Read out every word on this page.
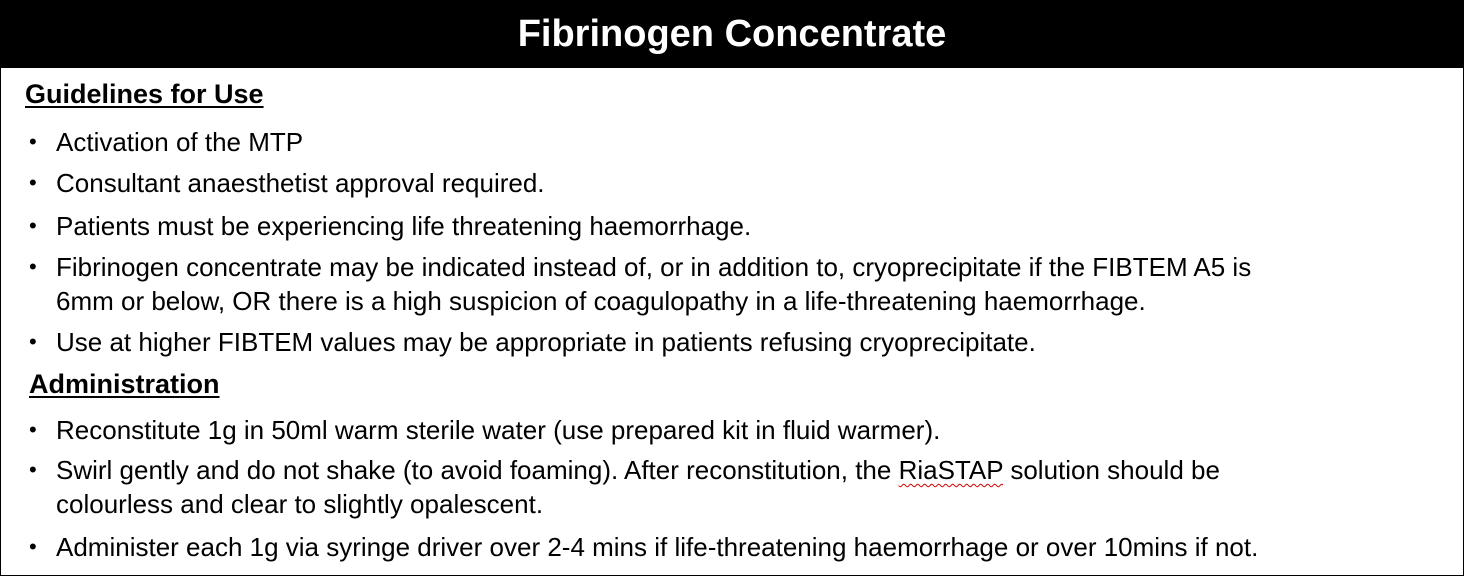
Fibrinogen Concentrate
Guidelines for Use
• Activation of the MTP
• Consultant anaesthetist approval required.
• Patients must be experiencing life threatening haemorrhage.
• Fibrinogen concentrate may be indicated instead of, or in addition to, cryoprecipitate if the FIBTEM A5 is
6mm or below, OR there is a high suspicion of coagulopathy in a life-threatening haemorrhage.
• Use at higher FIBTEM values may be appropriate in patients refusing cryoprecipitate.
Administration
• Reconstitute 1g in 50ml warm sterile water (use prepared kit in fluid warmer).
• Swirl gently and do not shake (to avoid foaming). After reconstitution, the RiaSTAP solution should be
colourless and clear to slightly opalescent.
• Administer each 1g via syringe driver over 2-4 mins if life-threatening haemorrhage or over 10mins if not.
